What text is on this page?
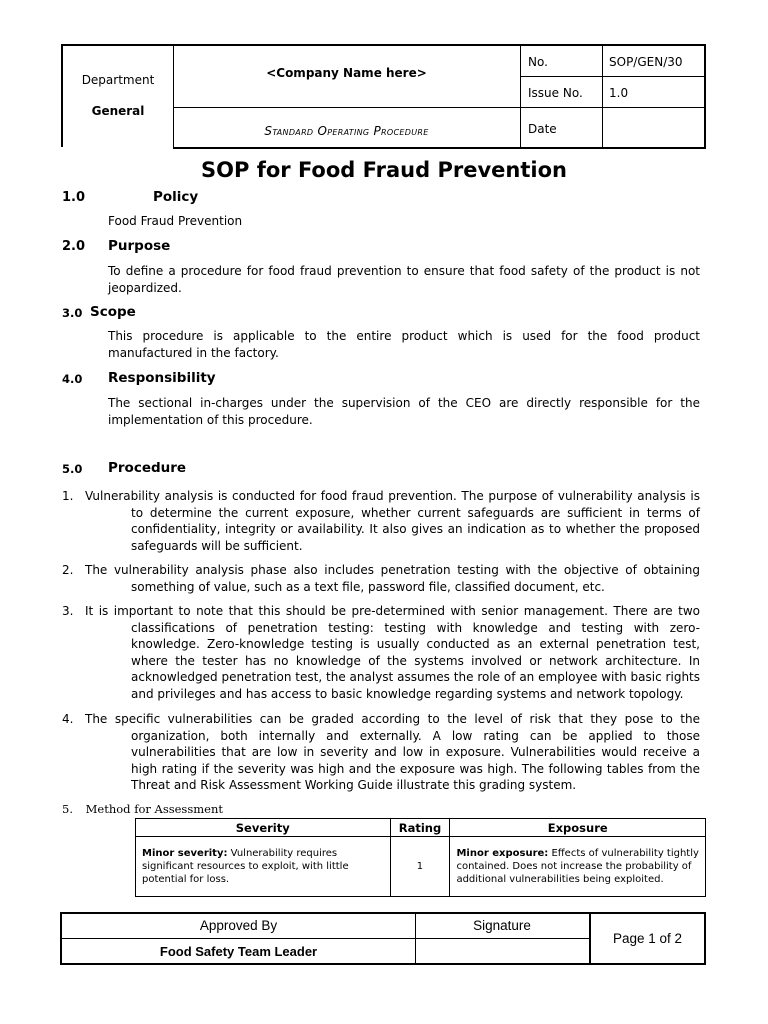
Department
General
<Company Name here>
Standard Operating Procedure
No.	SOP/GEN/30
Issue No. 1.0
Date
SOP for Food Fraud Prevention
1.0	Policy
Food Fraud Prevention
2.0 Purpose
To define a procedure for food fraud prevention to ensure that food safety of the product is not jeopardized.
3.0 Scope
This procedure is applicable to the entire product which is used for the food product manufactured in the factory.
4.0 Responsibility
The sectional in-charges under the supervision of the CEO are directly responsible for the implementation of this procedure.
5.0 Procedure
1. Vulnerability analysis is conducted for food fraud prevention. The purpose of vulnerability analysis is to determine the current exposure, whether current safeguards are sufficient in terms of confidentiality, integrity or availability. It also gives an indication as to whether the proposed safeguards will be sufficient.
2. The vulnerability analysis phase also includes penetration testing with the objective of obtaining something of value, such as a text file, password file, classified document, etc.
3. It is important to note that this should be pre-determined with senior management. There are two classifications of penetration testing: testing with knowledge and testing with zero-knowledge. Zero-knowledge testing is usually conducted as an external penetration test, where the tester has no knowledge of the systems involved or network architecture. In acknowledged penetration test, the analyst assumes the role of an employee with basic rights and privileges and has access to basic knowledge regarding systems and network topology.
4. The specific vulnerabilities can be graded according to the level of risk that they pose to the organization, both internally and externally. A low rating can be applied to those vulnerabilities that are low in severity and low in exposure. Vulnerabilities would receive a high rating if the severity was high and the exposure was high. The following tables from the Threat and Risk Assessment Working Guide illustrate this grading system.
5. Method for Assessment
Severity	Rating	Exposure
Minor severity: Vulnerability requires significant resources to exploit, with little potential for loss.	1	Minor exposure: Effects of vulnerability tightly contained. Does not increase the probability of additional vulnerabilities being exploited.
Approved By	Signature
Food Safety Team Leader
Page 1 of 2
